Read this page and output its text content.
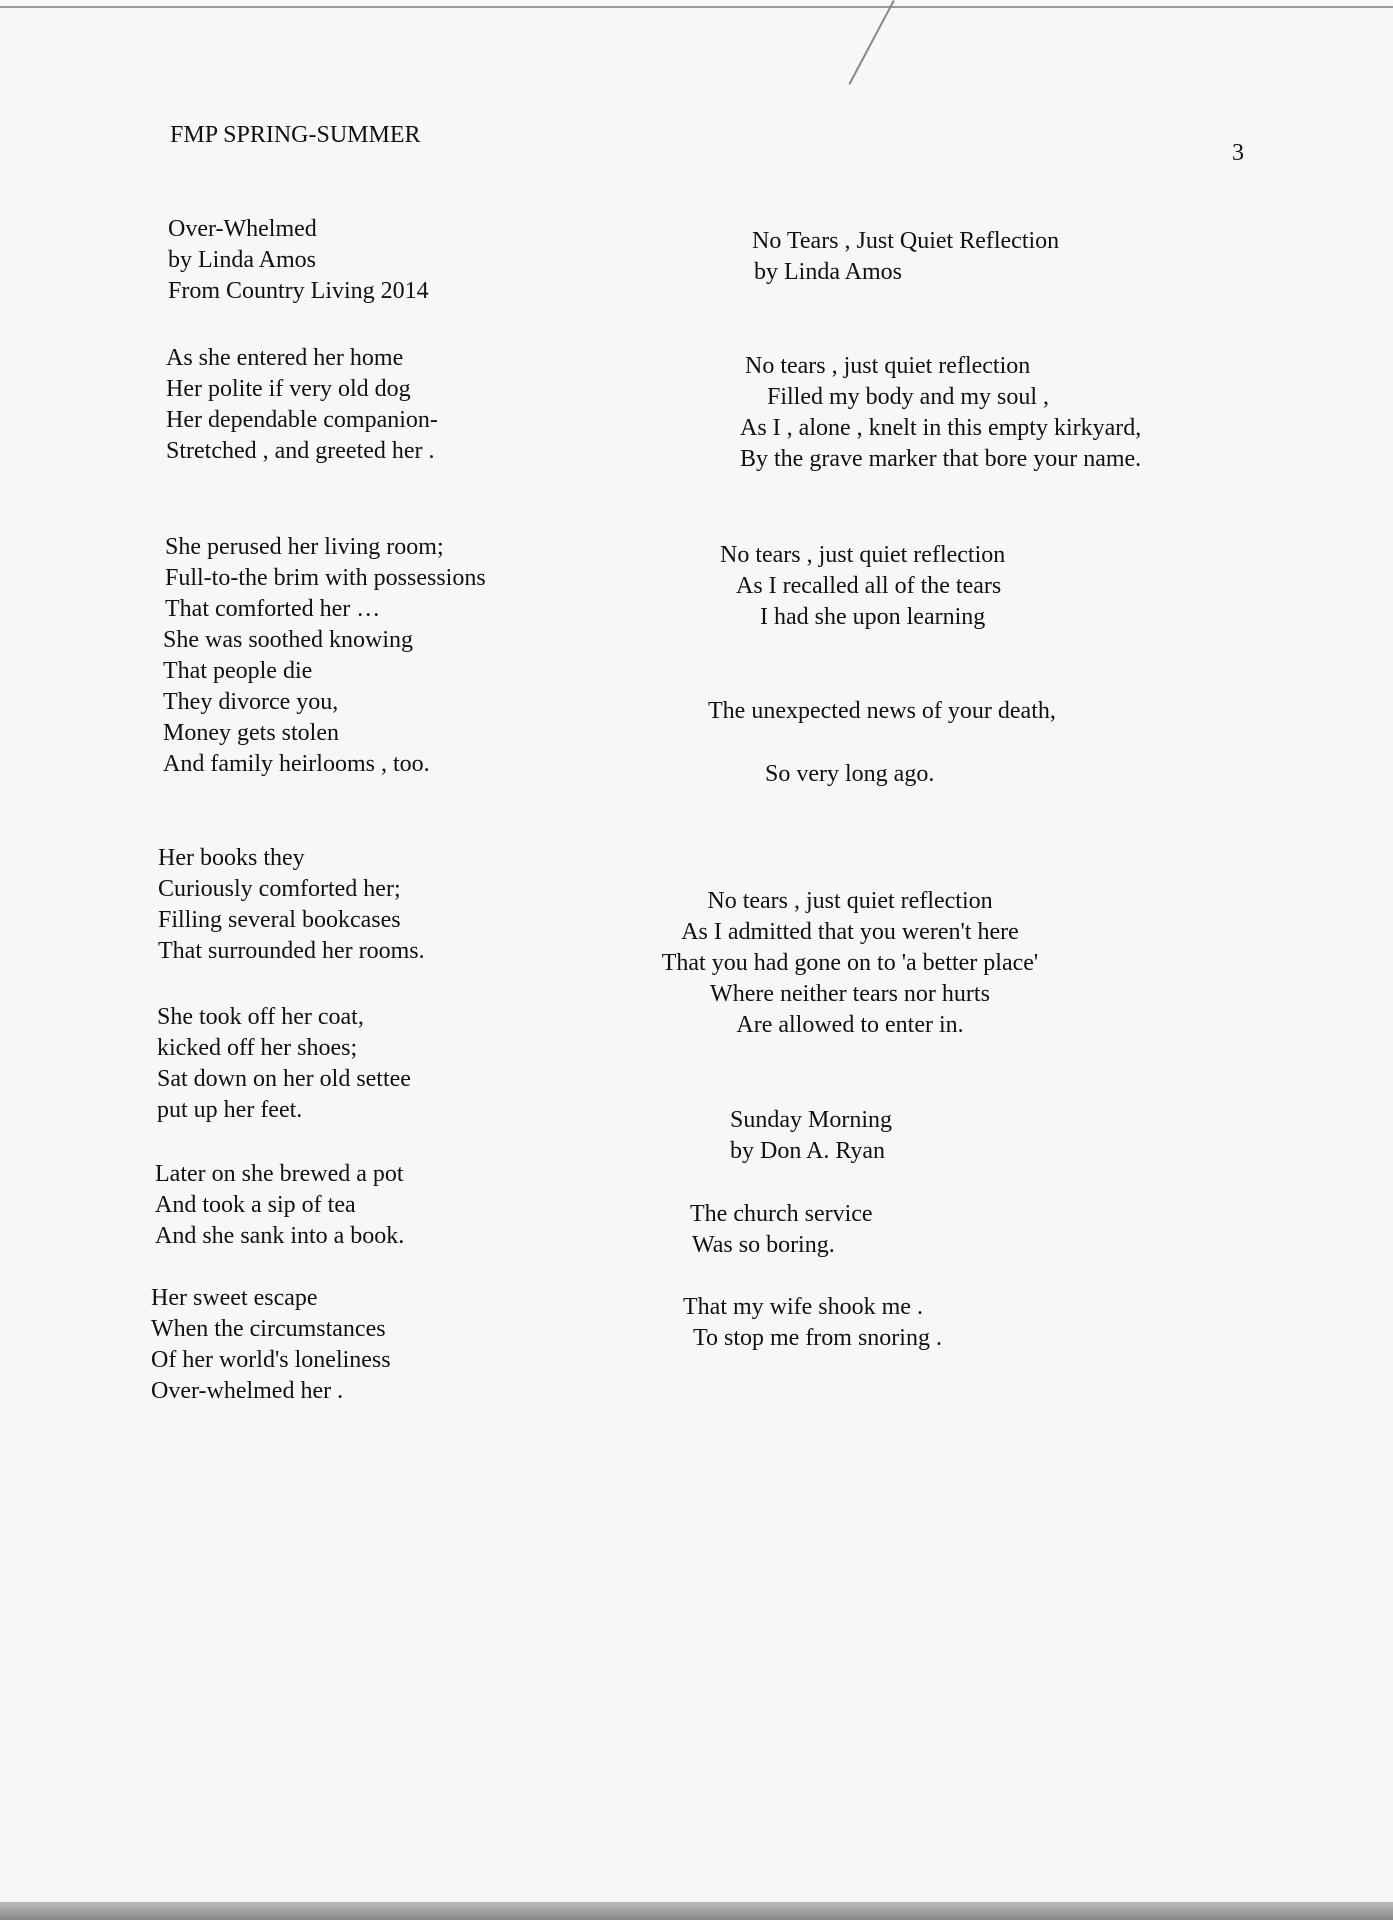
FMP SPRING-SUMMER
3
Over-Whelmed
by Linda Amos
From Country Living 2014
As she entered her home
Her polite if very old dog
Her dependable companion-
Stretched , and greeted her .
She perused her living room;
Full-to-the brim with possessions
That comforted her …
She was soothed knowing
That people die
They divorce you,
Money gets stolen
And family heirlooms , too.
Her books they
Curiously comforted her;
Filling several bookcases
That surrounded her rooms.
She took off her coat,
kicked off her shoes;
Sat down on her old settee
put up her feet.
Later on she brewed a pot
And took a sip of tea
And she sank into a book.
Her sweet escape
When the circumstances
Of her world's loneliness
Over-whelmed her .
No Tears , Just Quiet Reflection
by Linda Amos
No tears , just quiet reflection
Filled my body and my soul ,
As I , alone , knelt in this empty kirkyard,
By the grave marker that bore your name.
No tears , just quiet reflection
As I recalled all of the tears
I had she upon learning
The unexpected news of your death,
So very long ago.
No tears , just quiet reflection
As I admitted that you weren't here
That you had gone on to 'a better place'
Where neither tears nor hurts
Are allowed to enter in.
Sunday Morning
by Don A. Ryan
The church service
Was so boring.
That my wife shook me .
To stop me from snoring .
